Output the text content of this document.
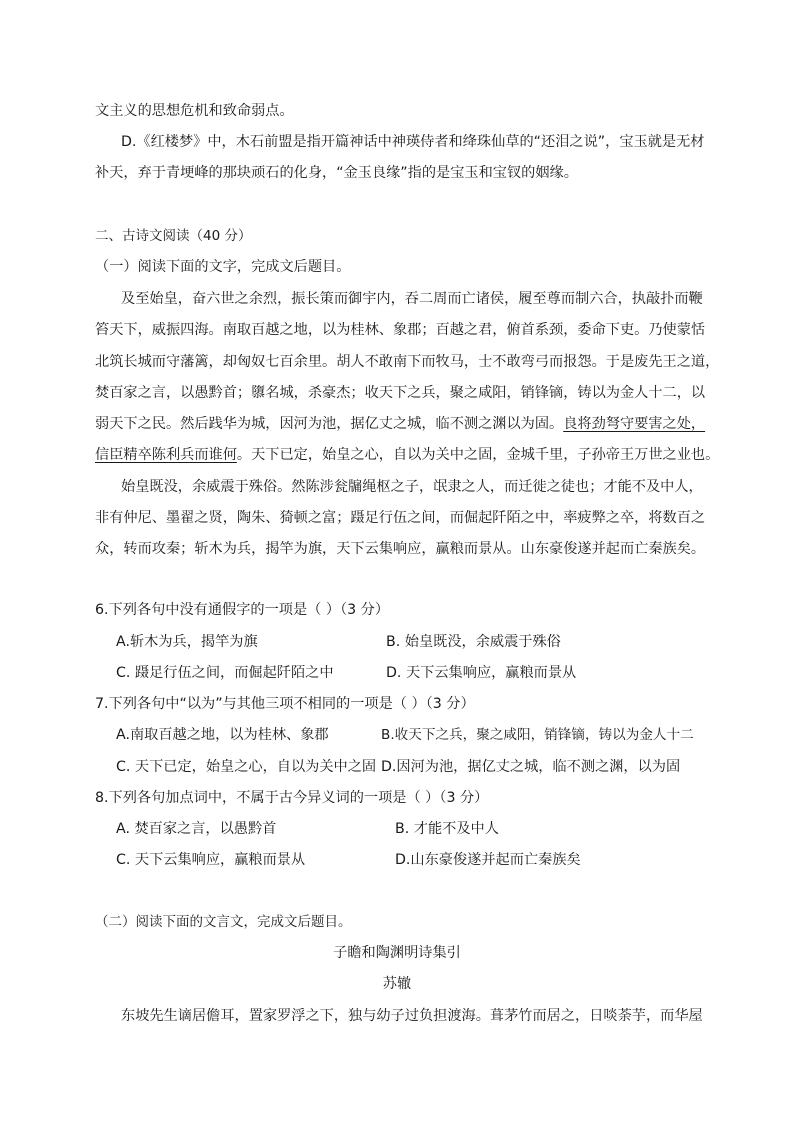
文主义的思想危机和致命弱点。
D.《红楼梦》中，木石前盟是指开篇神话中神瑛侍者和绛珠仙草的“还泪之说”，宝玉就是无材
补天，弃于青埂峰的那块顽石的化身，“金玉良缘”指的是宝玉和宝钗的姻缘。
二、古诗文阅读（40 分）
（一）阅读下面的文字，完成文后题目。
及至始皇，奋六世之余烈，振长策而御宇内，吞二周而亡诸侯，履至尊而制六合，执敲扑而鞭
笞天下，威振四海。南取百越之地，以为桂林、象郡；百越之君，俯首系颈，委命下吏。乃使蒙恬
北筑长城而守藩篱，却匈奴七百余里。胡人不敢南下而牧马，士不敢弯弓而报怨。于是废先王之道，
焚百家之言，以愚黔首；隳名城，杀豪杰；收天下之兵，聚之咸阳，销锋镝，铸以为金人十二，以
弱天下之民。然后践华为城，因河为池，据亿丈之城，临不测之渊以为固。良将劲弩守要害之处，
信臣精卒陈利兵而谁何。天下已定，始皇之心，自以为关中之固，金城千里，子孙帝王万世之业也。
始皇既没，余威震于殊俗。然陈涉瓮牖绳枢之子，氓隶之人，而迁徙之徒也；才能不及中人，
非有仲尼、墨翟之贤，陶朱、猗顿之富；蹑足行伍之间，而倔起阡陌之中，率疲弊之卒，将数百之
众，转而攻秦；斩木为兵，揭竿为旗，天下云集响应，赢粮而景从。山东豪俊遂并起而亡秦族矣。
6.下列各句中没有通假字的一项是（ ）（3 分）
A.斩木为兵，揭竿为旗	B. 始皇既没，余威震于殊俗
C. 蹑足行伍之间，而倔起阡陌之中	D. 天下云集响应，赢粮而景从
7.下列各句中“以为”与其他三项不相同的一项是（ ）（3 分）
A.南取百越之地，以为桂林、象郡	B.收天下之兵，聚之咸阳，销锋镝，铸以为金人十二
C. 天下已定，始皇之心，自以为关中之固 D.因河为池，据亿丈之城，临不测之渊，以为固
8.下列各句加点词中，不属于古今异义词的一项是（ ）（3 分）
A. 焚百家之言，以愚黔首	B. 才能不及中人
C. 天下云集响应，赢粮而景从	D.山东豪俊遂并起而亡秦族矣
（二）阅读下面的文言文，完成文后题目。
子瞻和陶渊明诗集引
苏辙
东坡先生谪居儋耳，置家罗浮之下，独与幼子过负担渡海。葺茅竹而居之，日啖荼芋，而华屋
